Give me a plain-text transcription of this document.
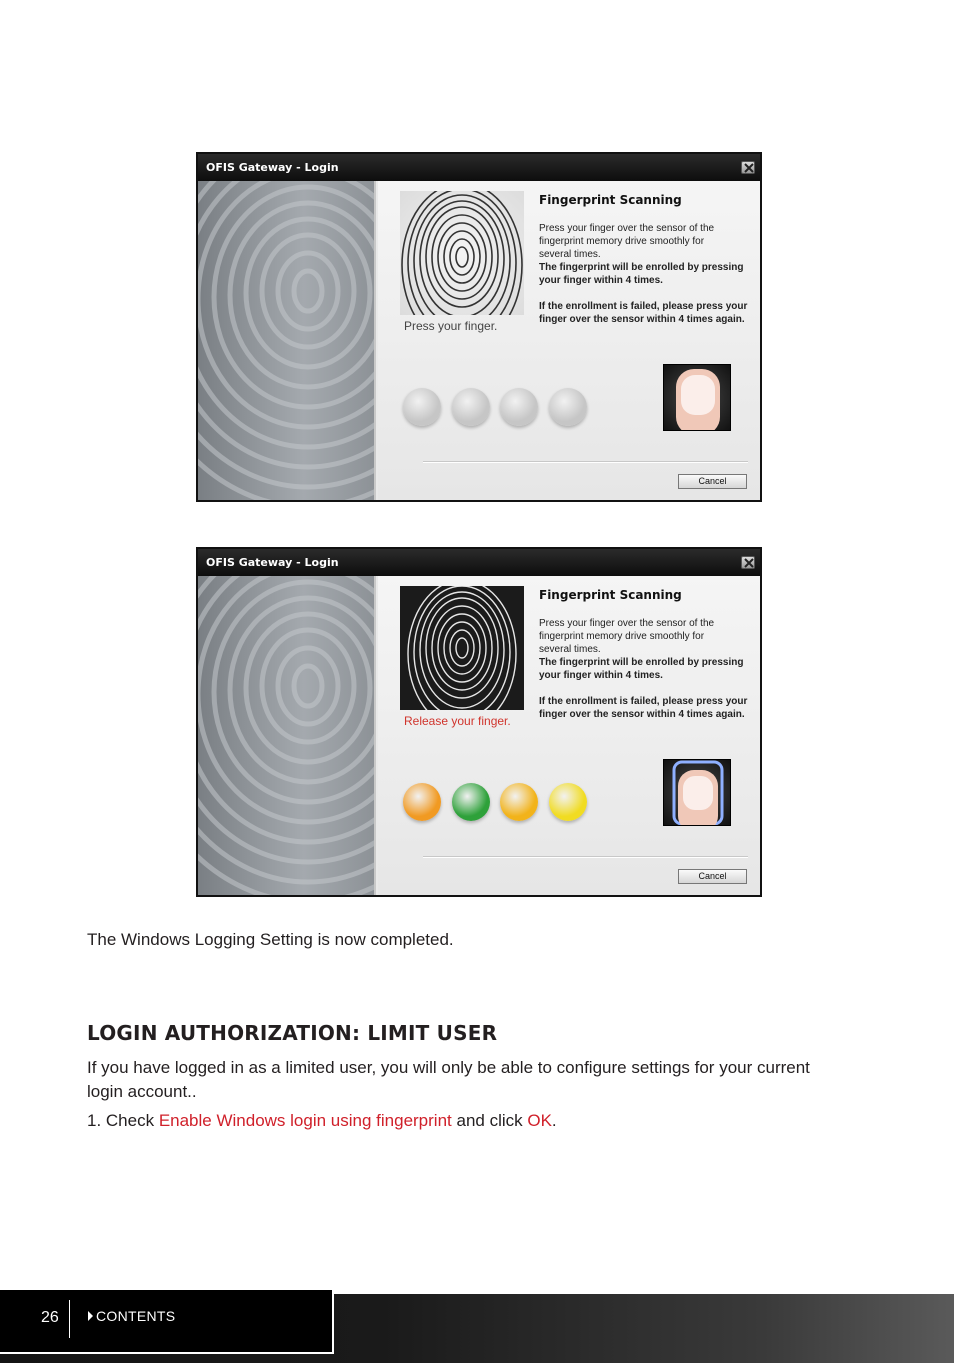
OFIS Gateway - Login
Press your finger.
Fingerprint Scanning
Press your finger over the sensor of the
fingerprint memory drive smoothly for
several times.
The fingerprint will be enrolled by pressing
your finger within 4 times.
If the enrollment is failed, please press your
finger over the sensor within 4 times again.
Cancel
OFIS Gateway - Login
Release your finger.
Fingerprint Scanning
Press your finger over the sensor of the
fingerprint memory drive smoothly for
several times.
The fingerprint will be enrolled by pressing
your finger within 4 times.
If the enrollment is failed, please press your
finger over the sensor within 4 times again.
Cancel
The Windows Logging Setting is now completed.
LOGIN AUTHORIZATION: LIMIT USER
If you have logged in as a limited user, you will only be able to configure settings for your current login account..
1. Check Enable Windows login using fingerprint and click OK.
26	CONTENTS
